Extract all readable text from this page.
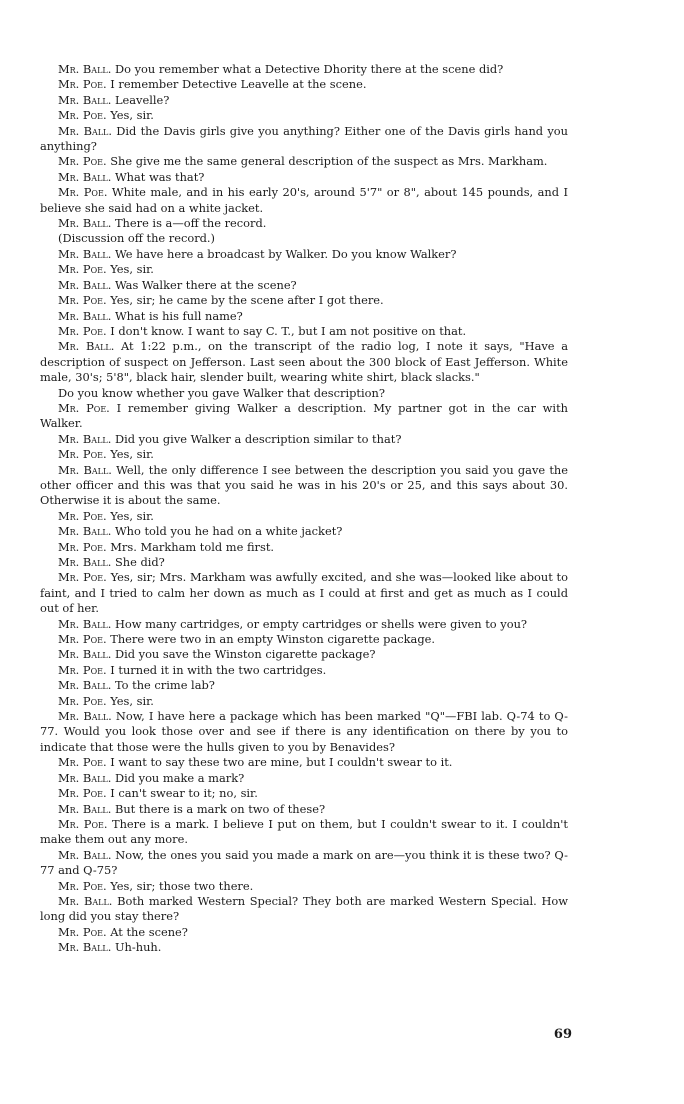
Mr. Ball. Do you remember what a Detective Dhority there at the scene did?

Mr. Poe. I remember Detective Leavelle at the scene.

Mr. Ball. Leavelle?

Mr. Poe. Yes, sir.

Mr. Ball. Did the Davis girls give you anything? Either one of the Davis girls hand you anything?

Mr. Poe. She give me the same general description of the suspect as Mrs. Markham.

Mr. Ball. What was that?

Mr. Poe. White male, and in his early 20's, around 5'7" or 8", about 145 pounds, and I believe she said had on a white jacket.

Mr. Ball. There is a—off the record.

(Discussion off the record.)

Mr. Ball. We have here a broadcast by Walker. Do you know Walker?

Mr. Poe. Yes, sir.

Mr. Ball. Was Walker there at the scene?

Mr. Poe. Yes, sir; he came by the scene after I got there.

Mr. Ball. What is his full name?

Mr. Poe. I don't know. I want to say C. T., but I am not positive on that.

Mr. Ball. At 1:22 p.m., on the transcript of the radio log, I note it says, "Have a description of suspect on Jefferson. Last seen about the 300 block of East Jefferson. White male, 30's; 5'8", black hair, slender built, wearing white shirt, black slacks."

Do you know whether you gave Walker that description?

Mr. Poe. I remember giving Walker a description. My partner got in the car with Walker.

Mr. Ball. Did you give Walker a description similar to that?

Mr. Poe. Yes, sir.

Mr. Ball. Well, the only difference I see between the description you said you gave the other officer and this was that you said he was in his 20's or 25, and this says about 30. Otherwise it is about the same.

Mr. Poe. Yes, sir.

Mr. Ball. Who told you he had on a white jacket?

Mr. Poe. Mrs. Markham told me first.

Mr. Ball. She did?

Mr. Poe. Yes, sir; Mrs. Markham was awfully excited, and she was—looked like about to faint, and I tried to calm her down as much as I could at first and get as much as I could out of her.

Mr. Ball. How many cartridges, or empty cartridges or shells were given to you?

Mr. Poe. There were two in an empty Winston cigarette package.

Mr. Ball. Did you save the Winston cigarette package?

Mr. Poe. I turned it in with the two cartridges.

Mr. Ball. To the crime lab?

Mr. Poe. Yes, sir.

Mr. Ball. Now, I have here a package which has been marked "Q"—FBI lab. Q-74 to Q-77. Would you look those over and see if there is any identification on there by you to indicate that those were the hulls given to you by Benavides?

Mr. Poe. I want to say these two are mine, but I couldn't swear to it.

Mr. Ball. Did you make a mark?

Mr. Poe. I can't swear to it; no, sir.

Mr. Ball. But there is a mark on two of these?

Mr. Poe. There is a mark. I believe I put on them, but I couldn't swear to it. I couldn't make them out any more.

Mr. Ball. Now, the ones you said you made a mark on are—you think it is these two? Q-77 and Q-75?

Mr. Poe. Yes, sir; those two there.

Mr. Ball. Both marked Western Special? They both are marked Western Special. How long did you stay there?

Mr. Poe. At the scene?

Mr. Ball. Uh-huh.

69
